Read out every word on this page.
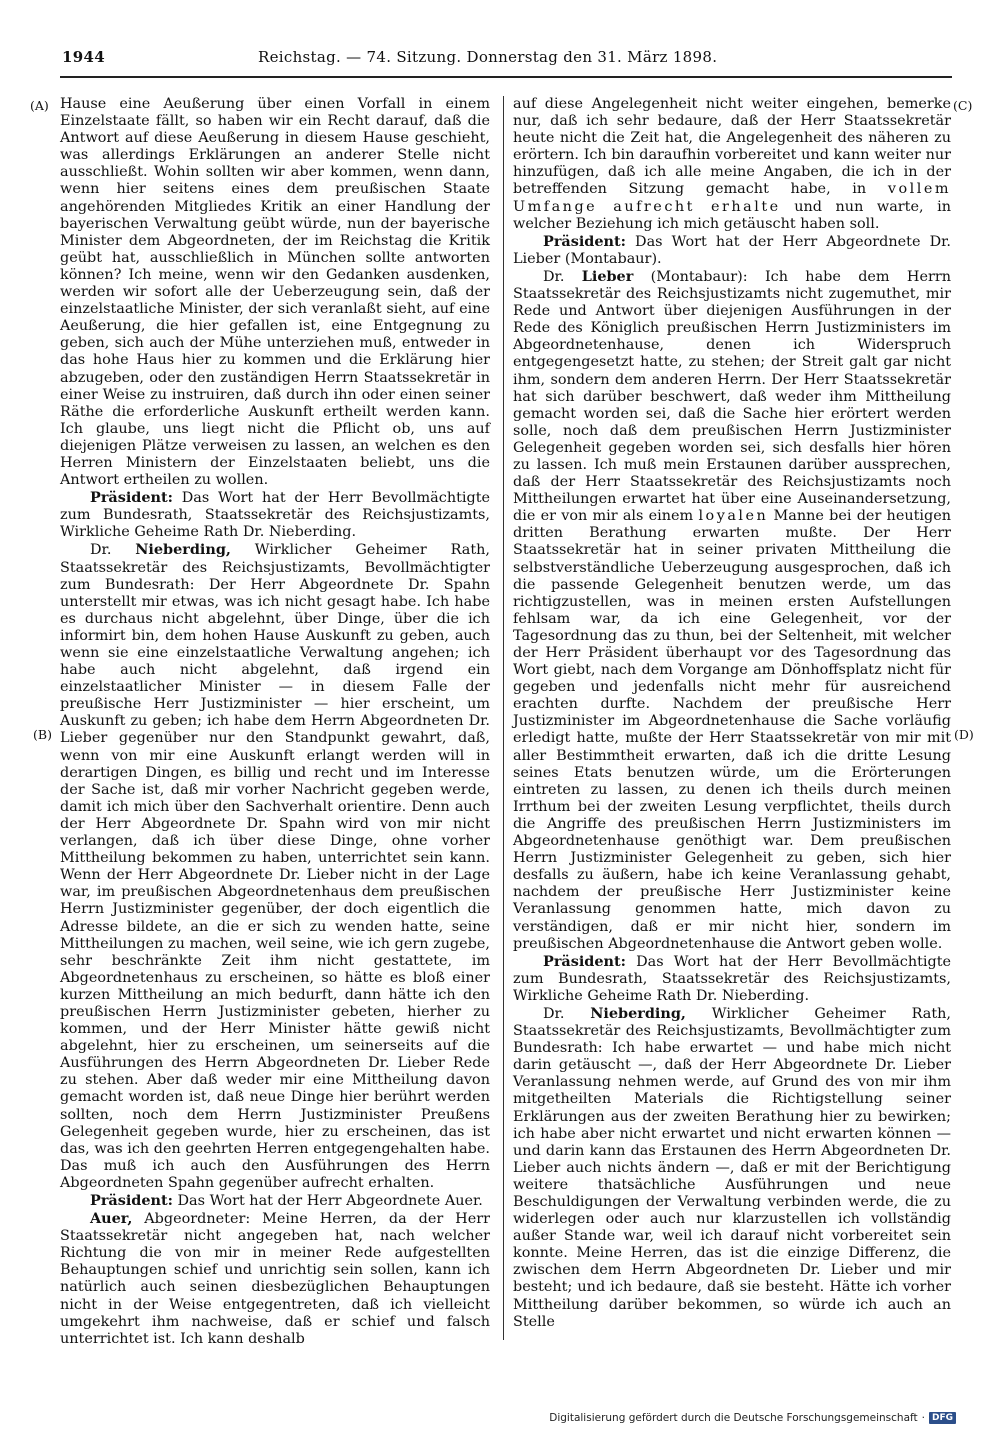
1944	Reichstag. — 74. Sitzung. Donnerstag den 31. März 1898.
(A)
(B)
(C)
(D)

Hause eine Aeußerung über einen Vorfall in einem Einzelstaate fällt, so haben wir ein Recht darauf, daß die Antwort auf diese Aeußerung in diesem Hause geschieht, was allerdings Erklärungen an anderer Stelle nicht ausschließt. Wohin sollten wir aber kommen, wenn dann, wenn hier seitens eines dem preußischen Staate angehörenden Mitgliedes Kritik an einer Handlung der bayerischen Verwaltung geübt würde, nun der bayerische Minister dem Abgeordneten, der im Reichstag die Kritik geübt hat, ausschließlich in München sollte antworten können? Ich meine, wenn wir den Gedanken ausdenken, werden wir sofort alle der Ueberzeugung sein, daß der einzelstaatliche Minister, der sich veranlaßt sieht, auf eine Aeußerung, die hier gefallen ist, eine Entgegnung zu geben, sich auch der Mühe unterziehen muß, entweder in das hohe Haus hier zu kommen und die Erklärung hier abzugeben, oder den zuständigen Herrn Staatssekretär in einer Weise zu instruiren, daß durch ihn oder einen seiner Räthe die erforderliche Auskunft ertheilt werden kann. Ich glaube, uns liegt nicht die Pflicht ob, uns auf diejenigen Plätze verweisen zu lassen, an welchen es den Herren Ministern der Einzelstaaten beliebt, uns die Antwort ertheilen zu wollen.

Präsident: Das Wort hat der Herr Bevollmächtigte zum Bundesrath, Staatssekretär des Reichsjustizamts, Wirkliche Geheime Rath Dr. Nieberding.

Dr. Nieberding, Wirklicher Geheimer Rath, Staatssekretär des Reichsjustizamts, Bevollmächtigter zum Bundesrath: Der Herr Abgeordnete Dr. Spahn unterstellt mir etwas, was ich nicht gesagt habe. Ich habe es durchaus nicht abgelehnt, über Dinge, über die ich informirt bin, dem hohen Hause Auskunft zu geben, auch wenn sie eine einzelstaatliche Verwaltung angehen; ich habe auch nicht abgelehnt, daß irgend ein einzelstaatlicher Minister — in diesem Falle der preußische Herr Justizminister — hier erscheint, um Auskunft zu geben; ich habe dem Herrn Abgeordneten Dr. Lieber gegenüber nur den Standpunkt gewahrt, daß, wenn von mir eine Auskunft erlangt werden will in derartigen Dingen, es billig und recht und im Interesse der Sache ist, daß mir vorher Nachricht gegeben werde, damit ich mich über den Sachverhalt orientire. Denn auch der Herr Abgeordnete Dr. Spahn wird von mir nicht verlangen, daß ich über diese Dinge, ohne vorher Mittheilung bekommen zu haben, unterrichtet sein kann. Wenn der Herr Abgeordnete Dr. Lieber nicht in der Lage war, im preußischen Abgeordnetenhaus dem preußischen Herrn Justizminister gegenüber, der doch eigentlich die Adresse bildete, an die er sich zu wenden hatte, seine Mittheilungen zu machen, weil seine, wie ich gern zugebe, sehr beschränkte Zeit ihm nicht gestattete, im Abgeordnetenhaus zu erscheinen, so hätte es bloß einer kurzen Mittheilung an mich bedurft, dann hätte ich den preußischen Herrn Justizminister gebeten, hierher zu kommen, und der Herr Minister hätte gewiß nicht abgelehnt, hier zu erscheinen, um seinerseits auf die Ausführungen des Herrn Abgeordneten Dr. Lieber Rede zu stehen. Aber daß weder mir eine Mittheilung davon gemacht worden ist, daß neue Dinge hier berührt werden sollten, noch dem Herrn Justizminister Preußens Gelegenheit gegeben wurde, hier zu erscheinen, das ist das, was ich den geehrten Herren entgegengehalten habe. Das muß ich auch den Ausführungen des Herrn Abgeordneten Spahn gegenüber aufrecht erhalten.

Präsident: Das Wort hat der Herr Abgeordnete Auer.

Auer, Abgeordneter: Meine Herren, da der Herr Staatssekretär nicht angegeben hat, nach welcher Richtung die von mir in meiner Rede aufgestellten Behauptungen schief und unrichtig sein sollen, kann ich natürlich auch seinen diesbezüglichen Behauptungen nicht in der Weise entgegentreten, daß ich vielleicht umgekehrt ihm nachweise, daß er schief und falsch unterrichtet ist. Ich kann deshalb

auf diese Angelegenheit nicht weiter eingehen, bemerke nur, daß ich sehr bedaure, daß der Herr Staatssekretär heute nicht die Zeit hat, die Angelegenheit des näheren zu erörtern. Ich bin daraufhin vorbereitet und kann weiter nur hinzufügen, daß ich alle meine Angaben, die ich in der betreffenden Sitzung gemacht habe, in vollem Umfange aufrecht erhalte und nun warte, in welcher Beziehung ich mich getäuscht haben soll.

Präsident: Das Wort hat der Herr Abgeordnete Dr. Lieber (Montabaur).

Dr. Lieber (Montabaur): Ich habe dem Herrn Staatssekretär des Reichsjustizamts nicht zugemuthet, mir Rede und Antwort über diejenigen Ausführungen in der Rede des Königlich preußischen Herrn Justizministers im Abgeordnetenhause, denen ich Widerspruch entgegengesetzt hatte, zu stehen; der Streit galt gar nicht ihm, sondern dem anderen Herrn. Der Herr Staatssekretär hat sich darüber beschwert, daß weder ihm Mittheilung gemacht worden sei, daß die Sache hier erörtert werden solle, noch daß dem preußischen Herrn Justizminister Gelegenheit gegeben worden sei, sich desfalls hier hören zu lassen. Ich muß mein Erstaunen darüber aussprechen, daß der Herr Staatssekretär des Reichsjustizamts noch Mittheilungen erwartet hat über eine Auseinandersetzung, die er von mir als einem loyalen Manne bei der heutigen dritten Berathung erwarten mußte. Der Herr Staatssekretär hat in seiner privaten Mittheilung die selbstverständliche Ueberzeugung ausgesprochen, daß ich die passende Gelegenheit benutzen werde, um das richtigzustellen, was in meinen ersten Aufstellungen fehlsam war, da ich eine Gelegenheit, vor der Tagesordnung das zu thun, bei der Seltenheit, mit welcher der Herr Präsident überhaupt vor des Tagesordnung das Wort giebt, nach dem Vorgange am Dönhoffsplatz nicht für gegeben und jedenfalls nicht mehr für ausreichend erachten durfte. Nachdem der preußische Herr Justizminister im Abgeordnetenhause die Sache vorläufig erledigt hatte, mußte der Herr Staatssekretär von mir mit aller Bestimmtheit erwarten, daß ich die dritte Lesung seines Etats benutzen würde, um die Erörterungen eintreten zu lassen, zu denen ich theils durch meinen Irrthum bei der zweiten Lesung verpflichtet, theils durch die Angriffe des preußischen Herrn Justizministers im Abgeordnetenhause genöthigt war. Dem preußischen Herrn Justizminister Gelegenheit zu geben, sich hier desfalls zu äußern, habe ich keine Veranlassung gehabt, nachdem der preußische Herr Justizminister keine Veranlassung genommen hatte, mich davon zu verständigen, daß er mir nicht hier, sondern im preußischen Abgeordnetenhause die Antwort geben wolle.

Präsident: Das Wort hat der Herr Bevollmächtigte zum Bundesrath, Staatssekretär des Reichsjustizamts, Wirkliche Geheime Rath Dr. Nieberding.

Dr. Nieberding, Wirklicher Geheimer Rath, Staatssekretär des Reichsjustizamts, Bevollmächtigter zum Bundesrath: Ich habe erwartet — und habe mich nicht darin getäuscht —, daß der Herr Abgeordnete Dr. Lieber Veranlassung nehmen werde, auf Grund des von mir ihm mitgetheilten Materials die Richtigstellung seiner Erklärungen aus der zweiten Berathung hier zu bewirken; ich habe aber nicht erwartet und nicht erwarten können — und darin kann das Erstaunen des Herrn Abgeordneten Dr. Lieber auch nichts ändern —, daß er mit der Berichtigung weitere thatsächliche Ausführungen und neue Beschuldigungen der Verwaltung verbinden werde, die zu widerlegen oder auch nur klarzustellen ich vollständig außer Stande war, weil ich darauf nicht vorbereitet sein konnte. Meine Herren, das ist die einzige Differenz, die zwischen dem Herrn Abgeordneten Dr. Lieber und mir besteht; und ich bedaure, daß sie besteht. Hätte ich vorher Mittheilung darüber bekommen, so würde ich auch an Stelle

Digitalisierung gefördert durch die Deutsche Forschungsgemeinschaft · DFG
